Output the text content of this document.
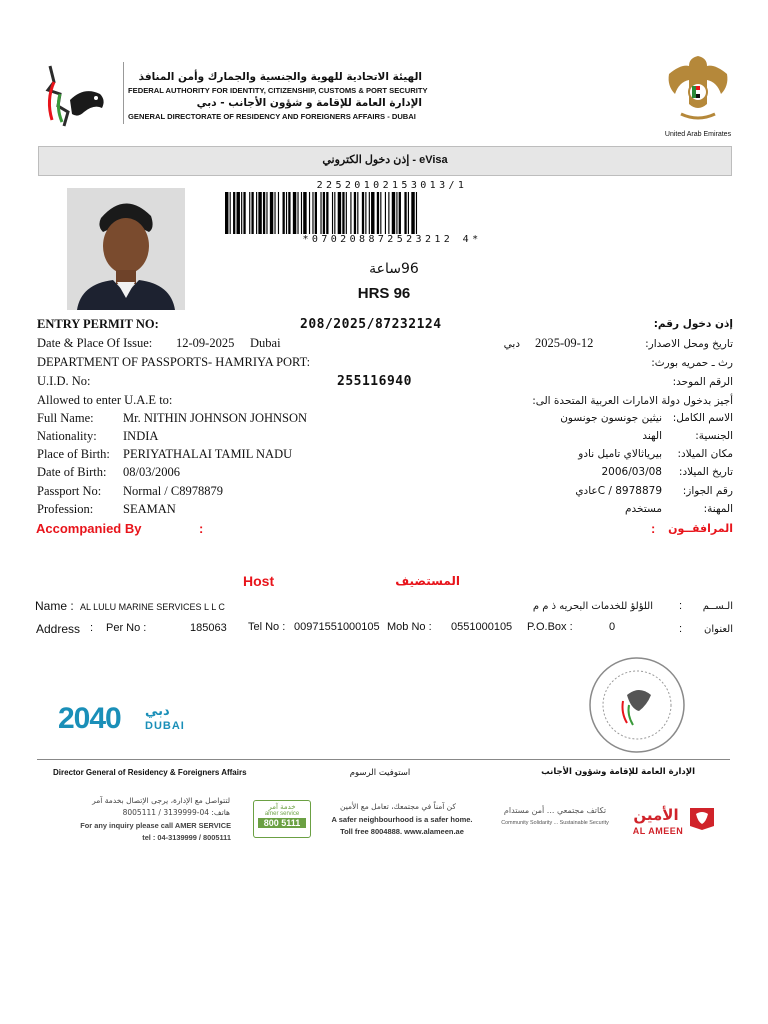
الهيئة الاتحادية للهوية والجنسية والجمارك وأمن المنافذ
FEDERAL AUTHORITY FOR IDENTITY, CITIZENSHIP, CUSTOMS & PORT SECURITY
الإدارة العامة للإقامة و شؤون الأجانب - دبي
GENERAL DIRECTORATE OF RESIDENCY AND FOREIGNERS AFFAIRS - DUBAI
United Arab Emirates
إذن دخول الكتروني - eVisa
22520102153013/1
*070208872523212 4*
96ساعة
HRS 96
ENTRY PERMIT NO:	208/2025/87232124	إذن دخول رقم:
Date & Place Of Issue: 12-09-2025 Dubai	دبي 2025-09-12	تاريخ ومحل الاصدار:
DEPARTMENT OF PASSPORTS- HAMRIYA PORT:	رث ـ حمريه بورث:
U.I.D. No:	255116940	الرقم الموحد:
Allowed to enter U.A.E to:	أجيز بدخول دولة الامارات العربية المتحدة الى:
Full Name: Mr. NITHIN JOHNSON JOHNSON	نيثين جونسون جونسون	الاسم الكامل:
Nationality: INDIA	الهند	الجنسية:
Place of Birth: PERIYATHALAI TAMIL NADU	بيرياثالاي تاميل نادو	مكان الميلاد:
Date of Birth: 08/03/2006	2006/03/08	تاريخ الميلاد:
Passport No: Normal / C8978879	C / 8978879عادي	رقم الجواز:
Profession: SEAMAN	مستخدم	المهنة:
Accompanied By	:	:	المرافقــون
Host	المستضيف
Name : AL LULU MARINE SERVICES L L C	اللؤلؤ للخدمات البحريه ذ م م :	الـســم
Address : Per No :	185063 Tel No : 00971551000105 Mob No : 0551000105 P.O.Box :	0	:	العنوان
2040 دبي
DUBAI
Director General of Residency & Foreigners Affairs	استوفيت الرسوم	الإدارة العامة للإقامة وشؤون الأجانب
لتتواصل مع الإدارة، يرجى الإتصال بخدمة آمر
هاتف: 04-3139999 / 8005111
For any inquiry please call AMER SERVICE
tel : 04-3139999 / 8005111
خدمة آمر
amer service
800 5111
كن آمناً في مجتمعك، تعامل مع الأمين
A safer neighbourhood is a safer home.
Toll free 8004888. www.alameen.ae
تكاتف مجتمعي ... أمن مستدام
Community Solidarity ... Sustainable Security	الأمين
AL AMEEN
